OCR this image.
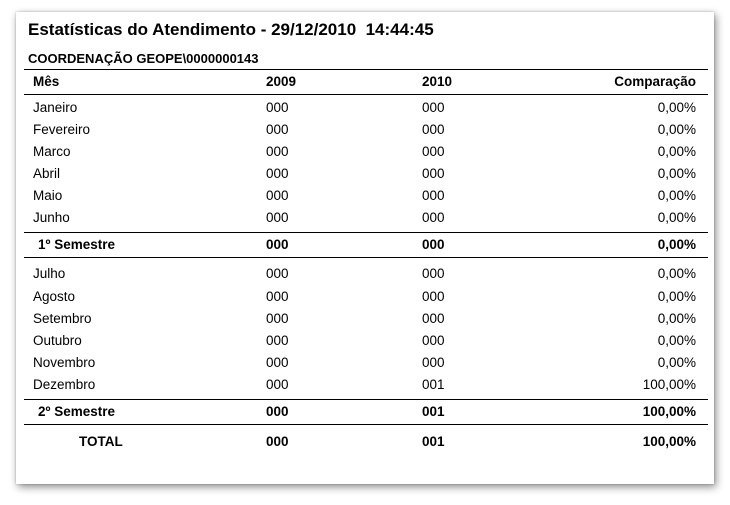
Estatísticas do Atendimento - 29/12/2010  14:44:45
COORDENAÇÃO GEOPE\0000000143
Mês	2009	2010	Comparação
Janeiro	000	000	0,00%
Fevereiro	000	000	0,00%
Marco	000	000	0,00%
Abril	000	000	0,00%
Maio	000	000	0,00%
Junho	000	000	0,00%
1º Semestre	000	000	0,00%
Julho	000	000	0,00%
Agosto	000	000	0,00%
Setembro	000	000	0,00%
Outubro	000	000	0,00%
Novembro	000	000	0,00%
Dezembro	000	001	100,00%
2º Semestre	000	001	100,00%
TOTAL	000	001	100,00%
